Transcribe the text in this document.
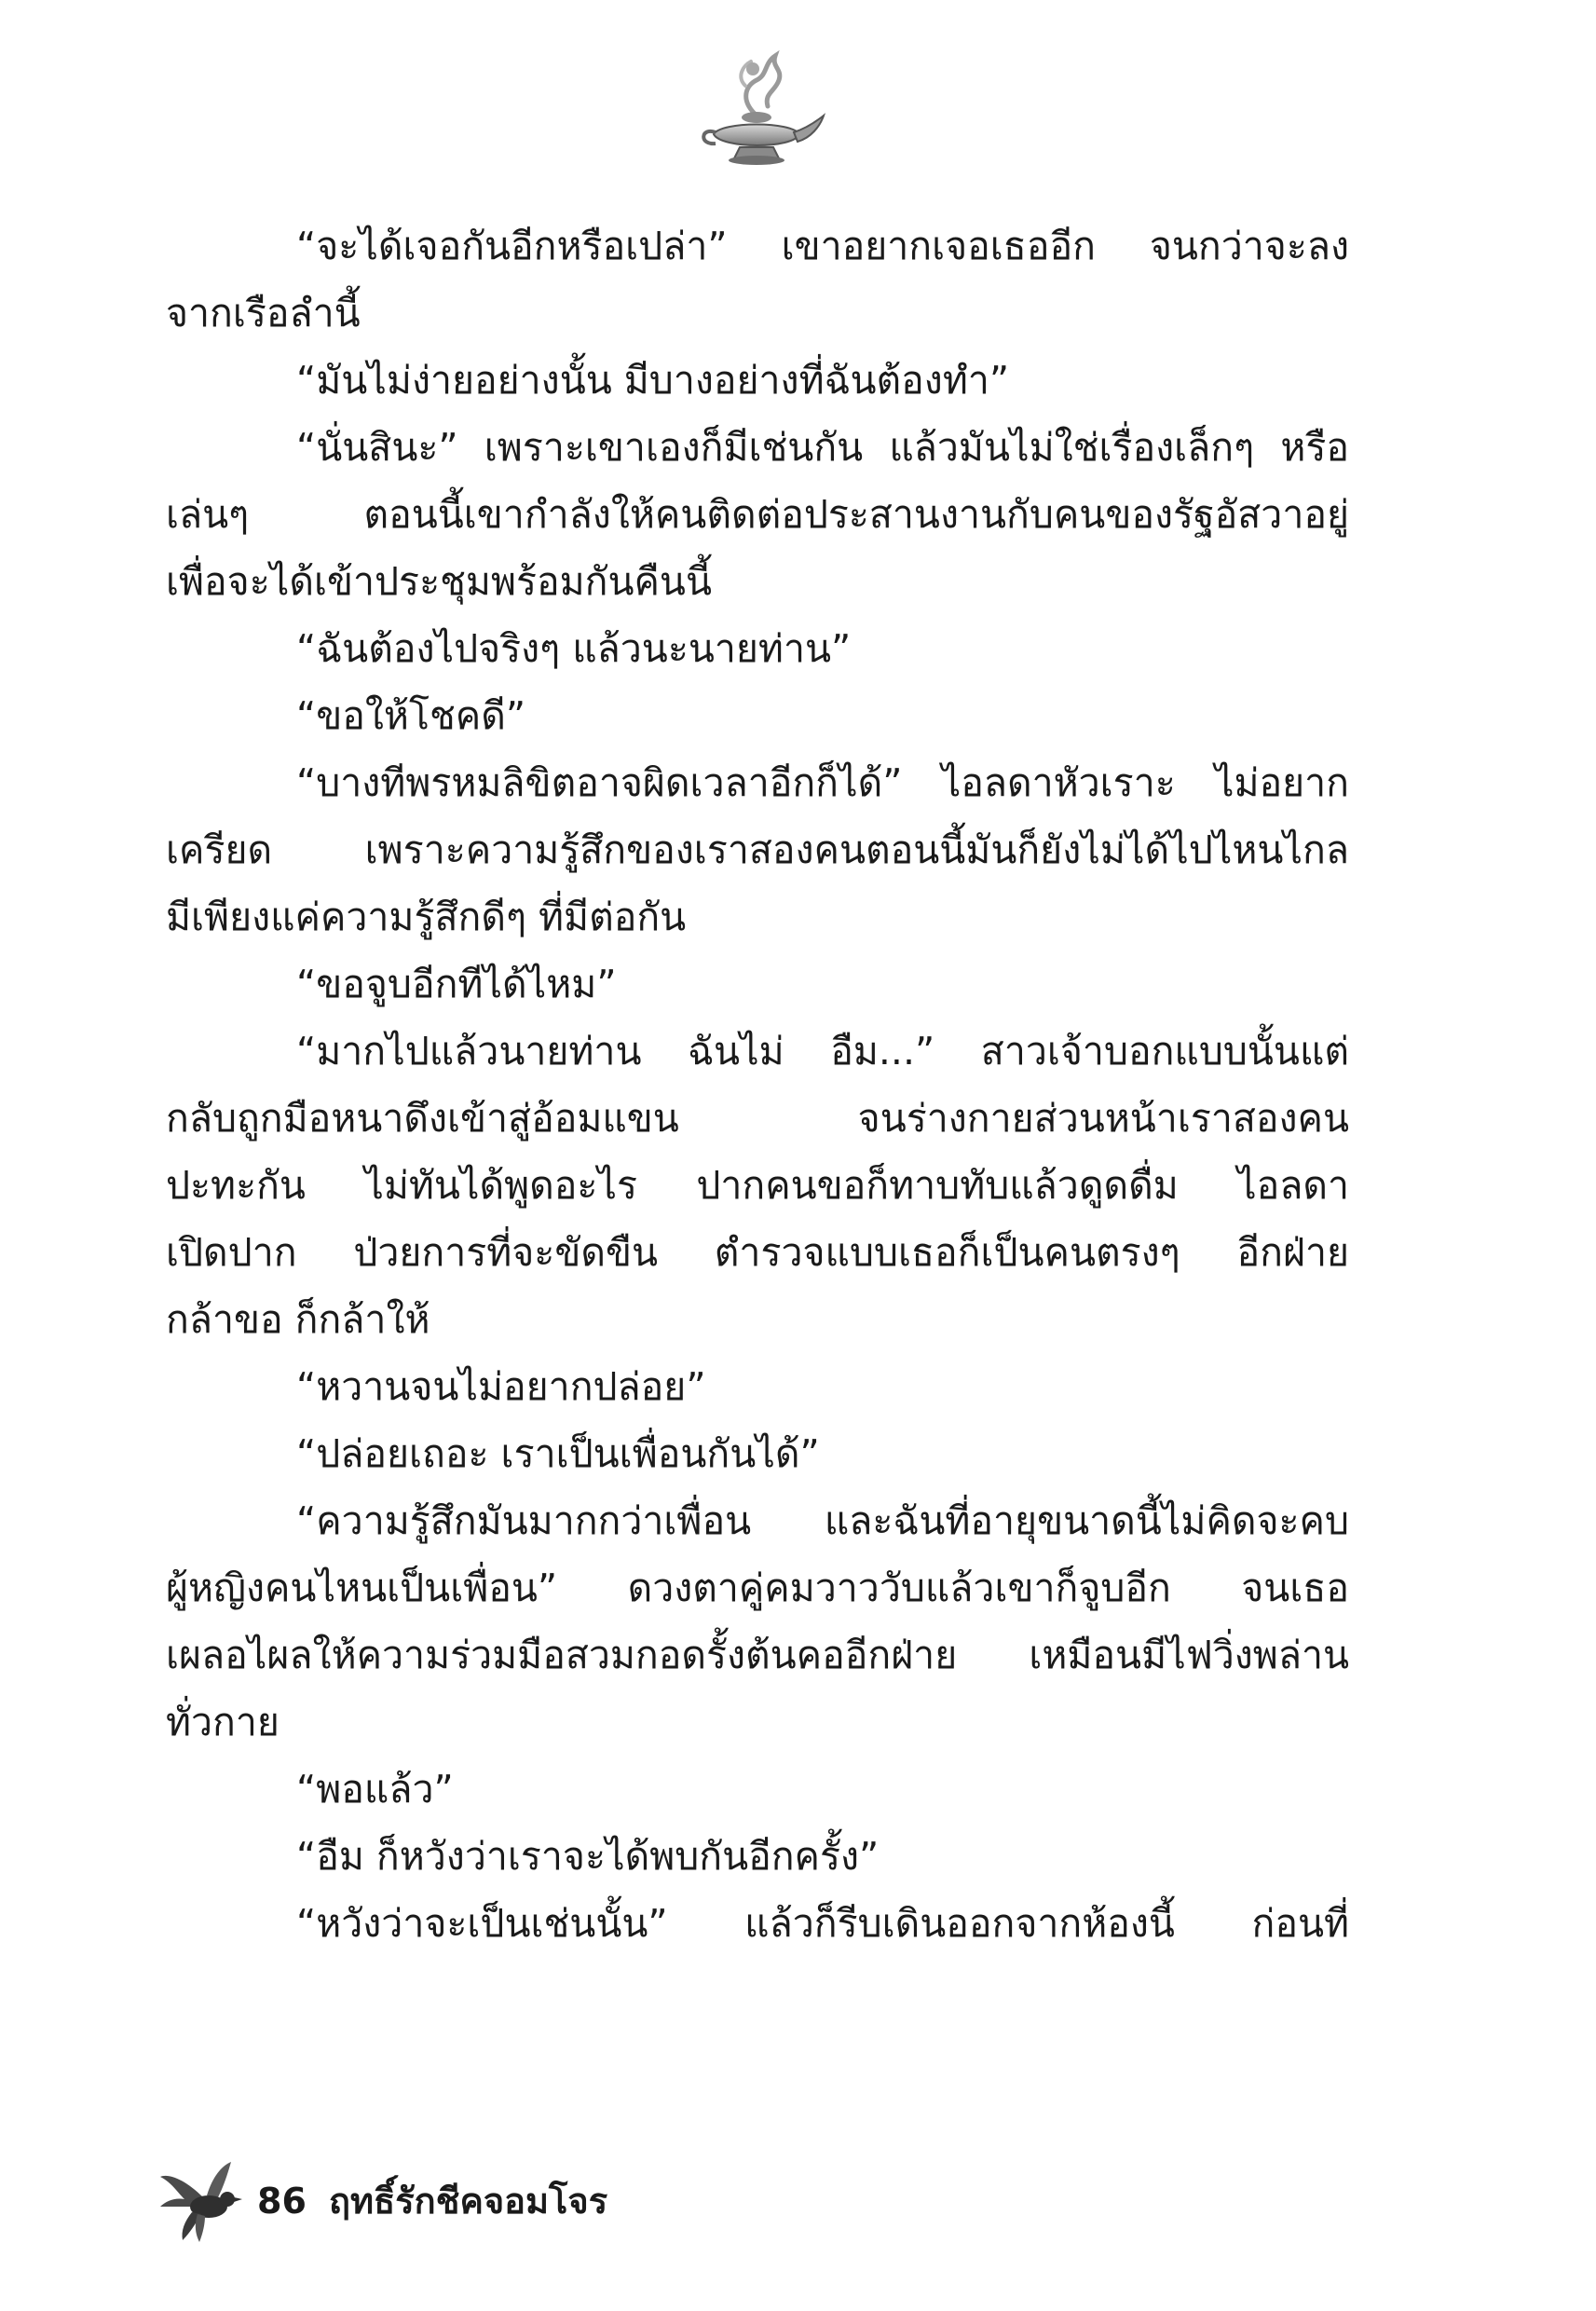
“จะได้เจอกันอีกหรือเปล่า” เขาอยากเจอเธออีก จนกว่าจะลง

จากเรือลำนี้

“มันไม่ง่ายอย่างนั้น มีบางอย่างที่ฉันต้องทำ”

“นั่นสินะ” เพราะเขาเองก็มีเช่นกัน แล้วมันไม่ใช่เรื่องเล็กๆ หรือ

เล่นๆ ตอนนี้เขากำลังให้คนติดต่อประสานงานกับคนของรัฐอัสวาอยู่

เพื่อจะได้เข้าประชุมพร้อมกันคืนนี้

“ฉันต้องไปจริงๆ แล้วนะนายท่าน”

“ขอให้โชคดี”

“บางทีพรหมลิขิตอาจผิดเวลาอีกก็ได้” ไอลดาหัวเราะ ไม่อยาก

เครียด เพราะความรู้สึกของเราสองคนตอนนี้มันก็ยังไม่ได้ไปไหนไกล

มีเพียงแค่ความรู้สึกดีๆ ที่มีต่อกัน

“ขอจูบอีกทีได้ไหม”

“มากไปแล้วนายท่าน ฉันไม่ อืม...” สาวเจ้าบอกแบบนั้นแต่

กลับถูกมือหนาดึงเข้าสู่อ้อมแขน จนร่างกายส่วนหน้าเราสองคน

ปะทะกัน ไม่ทันได้พูดอะไร ปากคนขอก็ทาบทับแล้วดูดดื่ม ไอลดา

เปิดปาก ป่วยการที่จะขัดขืน ตำรวจแบบเธอก็เป็นคนตรงๆ อีกฝ่าย

กล้าขอ ก็กล้าให้

“หวานจนไม่อยากปล่อย”

“ปล่อยเถอะ เราเป็นเพื่อนกันได้”

“ความรู้สึกมันมากกว่าเพื่อน และฉันที่อายุขนาดนี้ไม่คิดจะคบ

ผู้หญิงคนไหนเป็นเพื่อน” ดวงตาคู่คมวาววับแล้วเขาก็จูบอีก จนเธอ

เผลอไผลให้ความร่วมมือสวมกอดรั้งต้นคออีกฝ่าย เหมือนมีไฟวิ่งพล่าน

ทั่วกาย

“พอแล้ว”

“อืม ก็หวังว่าเราจะได้พบกันอีกครั้ง”

“หวังว่าจะเป็นเช่นนั้น” แล้วก็รีบเดินออกจากห้องนี้ ก่อนที่

86 ฤทธิ์รักชีคจอมโจร
